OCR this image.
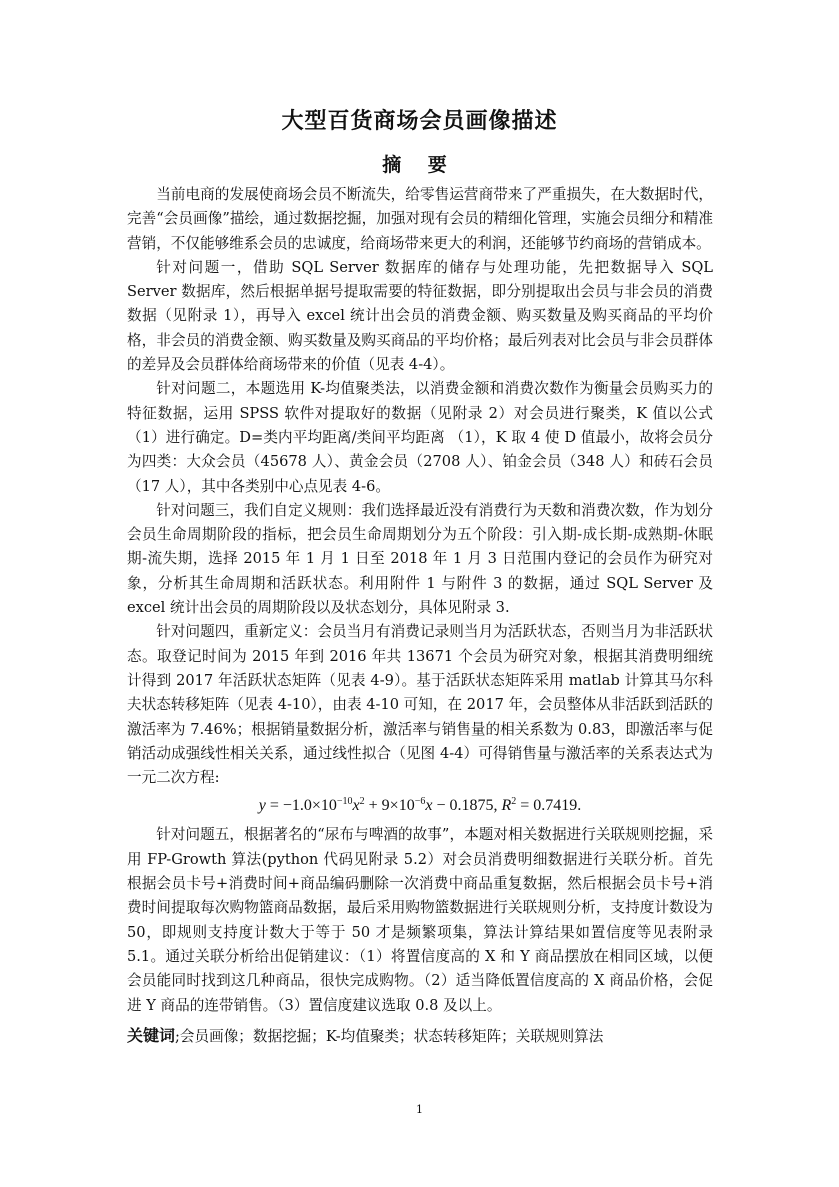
大型百货商场会员画像描述
摘 要

当前电商的发展使商场会员不断流失，给零售运营商带来了严重损失，在大数据时代，完善“会员画像”描绘，通过数据挖掘，加强对现有会员的精细化管理，实施会员细分和精准营销，不仅能够维系会员的忠诚度，给商场带来更大的利润，还能够节约商场的营销成本。

针对问题一，借助 SQL Server 数据库的储存与处理功能，先把数据导入 SQL Server 数据库，然后根据单据号提取需要的特征数据，即分别提取出会员与非会员的消费数据（见附录 1），再导入 excel 统计出会员的消费金额、购买数量及购买商品的平均价格，非会员的消费金额、购买数量及购买商品的平均价格；最后列表对比会员与非会员群体的差异及会员群体给商场带来的价值（见表 4-4）。

针对问题二，本题选用 K-均值聚类法，以消费金额和消费次数作为衡量会员购买力的特征数据，运用 SPSS 软件对提取好的数据（见附录 2）对会员进行聚类，K 值以公式（1）进行确定。D=类内平均距离/类间平均距离 （1），K 取 4 使 D 值最小，故将会员分为四类：大众会员（45678 人）、黄金会员（2708 人）、铂金会员（348 人）和砖石会员（17 人），其中各类别中心点见表 4-6。

针对问题三，我们自定义规则：我们选择最近没有消费行为天数和消费次数，作为划分会员生命周期阶段的指标，把会员生命周期划分为五个阶段：引入期-成长期-成熟期-休眠期-流失期，选择 2015 年 1 月 1 日至 2018 年 1 月 3 日范围内登记的会员作为研究对象，分析其生命周期和活跃状态。利用附件 1 与附件 3 的数据，通过 SQL Server 及 excel 统计出会员的周期阶段以及状态划分，具体见附录 3.

针对问题四，重新定义：会员当月有消费记录则当月为活跃状态，否则当月为非活跃状态。取登记时间为 2015 年到 2016 年共 13671 个会员为研究对象，根据其消费明细统计得到 2017 年活跃状态矩阵（见表 4-9）。基于活跃状态矩阵采用 matlab 计算其马尔科夫状态转移矩阵（见表 4-10），由表 4-10 可知，在 2017 年，会员整体从非活跃到活跃的激活率为 7.46%；根据销量数据分析，激活率与销售量的相关系数为 0.83，即激活率与促销活动成强线性相关关系，通过线性拟合（见图 4-4）可得销售量与激活率的关系表达式为一元二次方程:

$y = -1.0\times 10^{-10}x^2 + 9\times 10^{-6}x - 0.1875$, $R^2 = 0.7419$.

针对问题五，根据著名的“尿布与啤酒的故事”，本题对相关数据进行关联规则挖掘，采用 FP-Growth 算法(python 代码见附录 5.2）对会员消费明细数据进行关联分析。首先根据会员卡号+消费时间+商品编码删除一次消费中商品重复数据，然后根据会员卡号+消费时间提取每次购物篮商品数据，最后采用购物篮数据进行关联规则分析，支持度计数设为 50，即规则支持度计数大于等于 50 才是频繁项集，算法计算结果如置信度等见表附录 5.1。通过关联分析给出促销建议：（1）将置信度高的 X 和 Y 商品摆放在相同区域，以便会员能同时找到这几种商品，很快完成购物。（2）适当降低置信度高的 X 商品价格，会促进 Y 商品的连带销售。（3）置信度建议选取 0.8 及以上。

关键词;会员画像；数据挖掘；K-均值聚类；状态转移矩阵；关联规则算法

1
